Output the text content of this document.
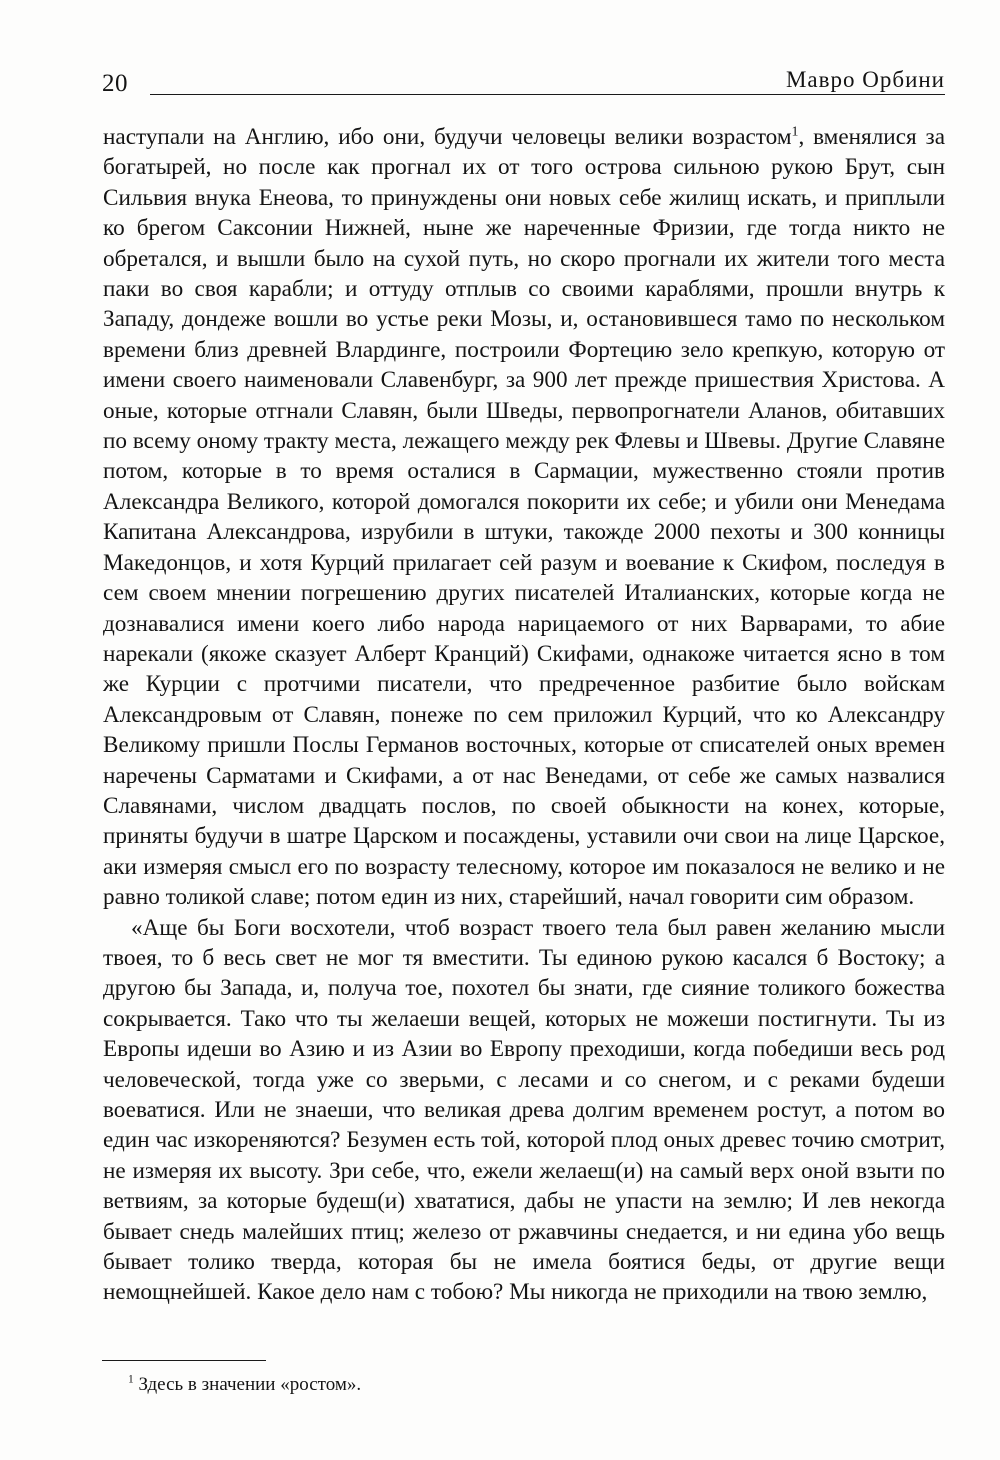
20	Мавро Орбини

наступали на Англию, ибо они, будучи человецы велики возрастом$^1$, вменялися за богатырей, но после как прогнал их от того острова сильною рукою Брут, сын Сильвия внука Енеова, то принуждены они новых себе жилищ искать, и приплыли ко брегом Саксонии Нижней, ныне же нареченные Фризии, где тогда никто не обретался, и вышли было на сухой путь, но скоро прогнали их жители того места паки во своя карабли; и оттуду отплыв со своими караблями, прошли внутрь к Западу, дондеже вошли во устье реки Мозы, и, остановившеся тамо по нескольком времени близ древней Влардинге, построили Фортецию зело крепкую, которую от имени своего наименовали Славенбург, за 900 лет прежде пришествия Христова. А оные, которые отгнали Славян, были Шведы, первопрогнатели Аланов, обитавших по всему оному тракту места, лежащего между рек Флевы и Швевы. Другие Славяне потом, которые в то время осталися в Сармации, мужественно стояли против Александра Великого, которой домогался покорити их себе; и убили они Менедама Капитана Александрова, изрубили в штуки, такожде 2000 пехоты и 300 конницы Македонцов, и хотя Курций прилагает сей разум и воевание к Скифом, последуя в сем своем мнении погрешению других писателей Италианских, которые когда не дознавалися имени коего либо народа нарицаемого от них Варварами, то абие нарекали (якоже сказует Алберт Кранций) Скифами, однакоже читается ясно в том же Курции с протчими писатели, что предреченное разбитие было войскам Александровым от Славян, понеже по сем приложил Курций, что ко Александру Великому пришли Послы Германов восточных, которые от списателей оных времен наречены Сарматами и Скифами, а от нас Венедами, от себе же самых назвалися Славянами, числом двадцать послов, по своей обыкности на конех, которые, приняты будучи в шатре Царском и посаждены, уставили очи свои на лице Царское, аки измеряя смысл его по возрасту телесному, которое им показалося не велико и не равно толикой славе; потом един из них, старейший, начал говорити сим образом.

«Аще бы Боги восхотели, чтоб возраст твоего тела был равен желанию мысли твоея, то б весь свет не мог тя вместити. Ты единою рукою касался б Востоку; а другою бы Запада, и, получа тое, похотел бы знати, где сияние толикого божества сокрывается. Тако что ты желаеши вещей, которых не можеши постигнути. Ты из Европы идеши во Азию и из Азии во Европу преходиши, когда победиши весь род человеческой, тогда уже со зверьми, с лесами и со снегом, и с реками будеши воеватися. Или не знаеши, что великая древа долгим временем ростут, а потом во един час изкореняются? Безумен есть той, которой плод оных древес точию смотрит, не измеряя их высоту. Зри себе, что, ежели желаеш(и) на самый верх оной взыти по ветвиям, за которые будеш(и) хвататися, дабы не упасти на землю; И лев некогда бывает снедь малейших птиц; железо от ржавчины снедается, и ни едина убо вещь бывает толико тверда, которая бы не имела боятися беды, от другие вещи немощнейшей. Какое дело нам с тобою? Мы никогда не приходили на твою землю,

$^1$ Здесь в значении «ростом».
